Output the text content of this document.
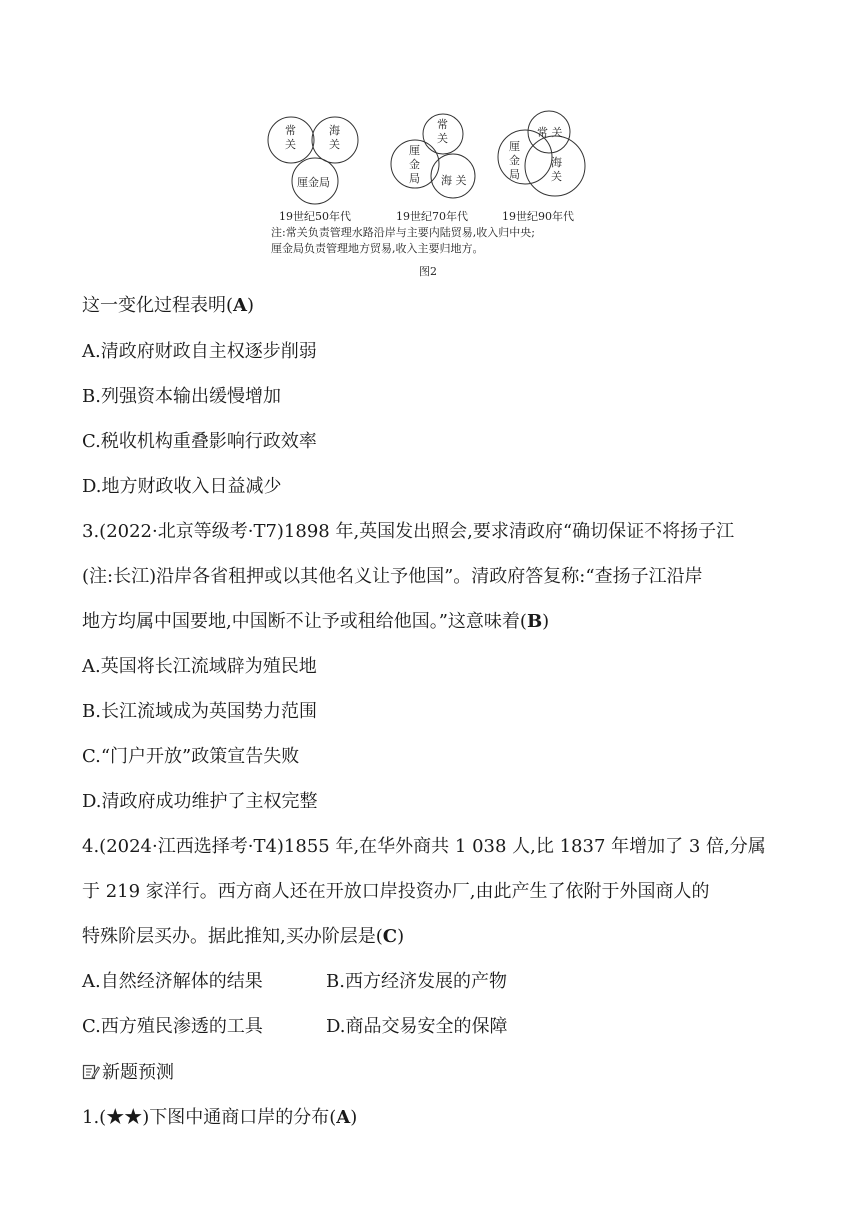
常
关
海
关
厘金局
常
关
厘
金
局 海 关
常 关
厘
金
局
海
关
19世纪50年代	19世纪70年代	19世纪90年代
注:常关负责管理水路沿岸与主要内陆贸易,收入归中央;
厘金局负责管理地方贸易,收入主要归地方。
图2
这一变化过程表明(A)
A.清政府财政自主权逐步削弱
B.列强资本输出缓慢增加
C.税收机构重叠影响行政效率
D.地方财政收入日益减少
3.(2022·北京等级考·T7)1898 年,英国发出照会,要求清政府“确切保证不将扬子江
(注:长江)沿岸各省租押或以其他名义让予他国”。清政府答复称:“查扬子江沿岸
地方均属中国要地,中国断不让予或租给他国。”这意味着(B)
A.英国将长江流域辟为殖民地
B.长江流域成为英国势力范围
C.“门户开放”政策宣告失败
D.清政府成功维护了主权完整
4.(2024·江西选择考·T4)1855 年,在华外商共 1 038 人,比 1837 年增加了 3 倍,分属
于 219 家洋行。西方商人还在开放口岸投资办厂,由此产生了依附于外国商人的
特殊阶层买办。据此推知,买办阶层是(C)
A.自然经济解体的结果	B.西方经济发展的产物
C.西方殖民渗透的工具	D.商品交易安全的保障
新题预测
1.(★★)下图中通商口岸的分布(A)
